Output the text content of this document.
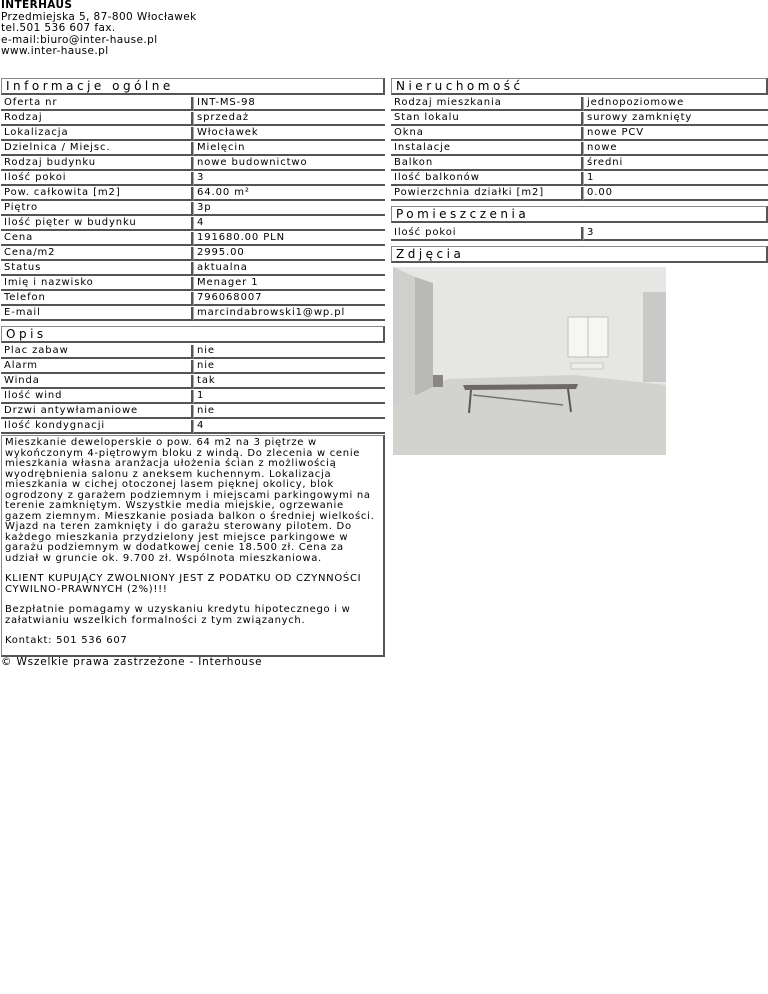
INTERHAUS
Przedmiejska 5, 87-800 Włocławek
tel.501 536 607 fax.
e-mail:biuro@inter-hause.pl
www.inter-hause.pl
Informacje ogólne
Oferta nr	INT-MS-98
Rodzaj	sprzedaż
Lokalizacja	Włocławek
Dzielnica / Miejsc.	Mielęcin
Rodzaj budynku	nowe budownictwo
Ilość pokoi	3
Pow. całkowita [m2]	64.00 m²
Piętro	3p
Ilość pięter w budynku	4
Cena	191680.00 PLN
Cena/m2	2995.00
Status	aktualna
Imię i nazwisko	Menager 1
Telefon	796068007
E-mail	marcindabrowski1@wp.pl
Opis
Plac zabaw	nie
Alarm	nie
Winda	tak
Ilość wind	1
Drzwi antywłamaniowe	nie
Ilość kondygnacji	4

Mieszkanie deweloperskie o pow. 64 m2 na 3 piętrze w wykończonym 4-piętrowym bloku z windą. Do zlecenia w cenie mieszkania własna aranżacja ułożenia ścian z możliwością wyodrębnienia salonu z aneksem kuchennym. Lokalizacja mieszkania w cichej otoczonej lasem pięknej okolicy, blok ogrodzony z garażem podziemnym i miejscami parkingowymi na terenie zamkniętym. Wszystkie media miejskie, ogrzewanie gazem ziemnym. Mieszkanie posiada balkon o średniej wielkości. Wjazd na teren zamknięty i do garażu sterowany pilotem. Do każdego mieszkania przydzielony jest miejsce parkingowe w garażu podziemnym w dodatkowej cenie 18.500 zł. Cena za udział w gruncie ok. 9.700 zł. Wspólnota mieszkaniowa.

KLIENT KUPUJĄCY ZWOLNIONY JEST Z PODATKU OD CZYNNOŚCI CYWILNO-PRAWNYCH (2%)!!!

Bezpłatnie pomagamy w uzyskaniu kredytu hipotecznego i w załatwianiu wszelkich formalności z tym związanych.

Kontakt: 501 536 607

Nieruchomość
Rodzaj mieszkania	jednopoziomowe
Stan lokalu	surowy zamknięty
Okna	nowe PCV
Instalacje	nowe
Balkon	średni
Ilość balkonów	1
Powierzchnia działki [m2]	0.00
Pomieszczenia
Ilość pokoi	3
Zdjęcia
© Wszelkie prawa zastrzeżone - Interhouse
